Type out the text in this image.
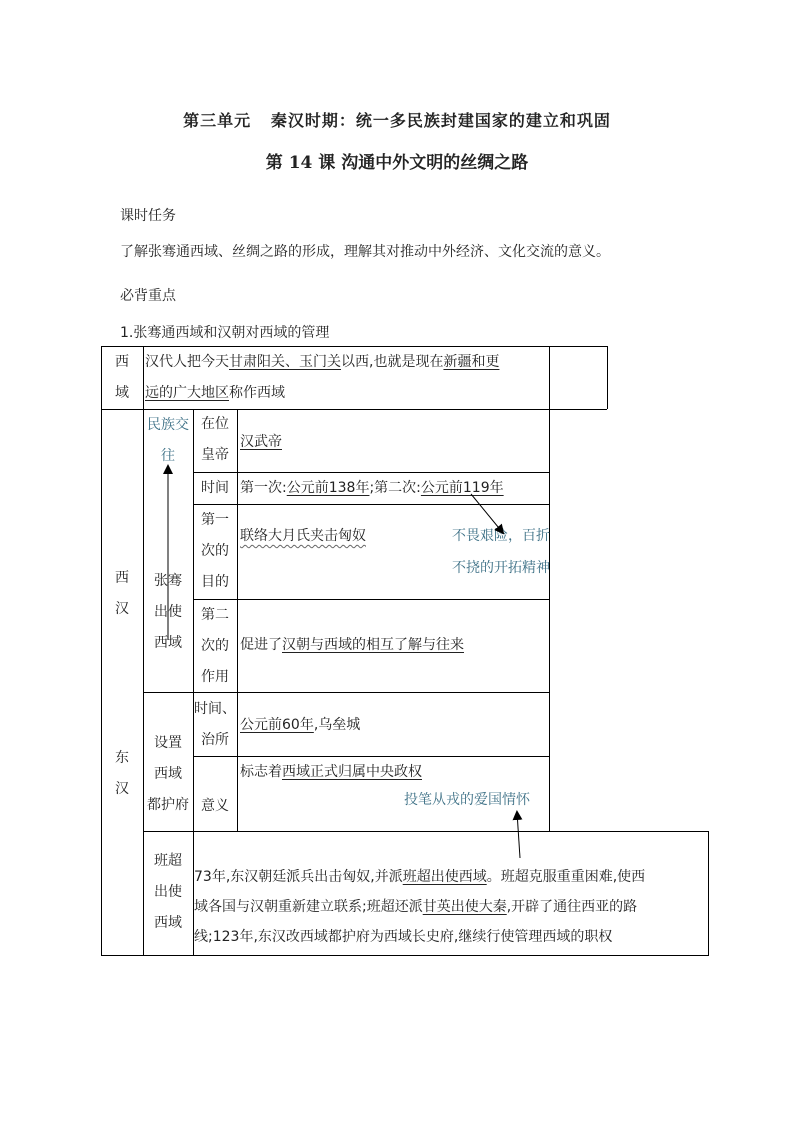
第三单元   秦汉时期：统一多民族封建国家的建立和巩固
第 14 课 沟通中外文明的丝绸之路
课时任务
了解张骞通西域、丝绸之路的形成，理解其对推动中外经济、文化交流的意义。
必背重点
1.张骞通西域和汉朝对西域的管理
西
域
汉代人把今天甘肃阳关、玉门关以西,也就是现在新疆和更
远的广大地区称作西域
西
汉
东
汉
张骞
出使
西域
在位
皇帝
汉武帝
时间 第一次:公元前138年;第二次:公元前119年
第一
次的
目的
联络大月氏夹击匈奴
第二
次的
作用
促进了汉朝与西域的相互了解与往来
设置
西域
都护府
时间、
治所
公元前60年,乌垒城
意义
标志着西域正式归属中央政权
班超
出使
西域
73年,东汉朝廷派兵出击匈奴,并派班超出使西域。班超克服重重困难,使西
域各国与汉朝重新建立联系;班超还派甘英出使大秦,开辟了通往西亚的路
线;123年,东汉改西域都护府为西域长史府,继续行使管理西域的职权
民族交
往
不畏艰险，百折
不挠的开拓精神
投笔从戎的爱国情怀
